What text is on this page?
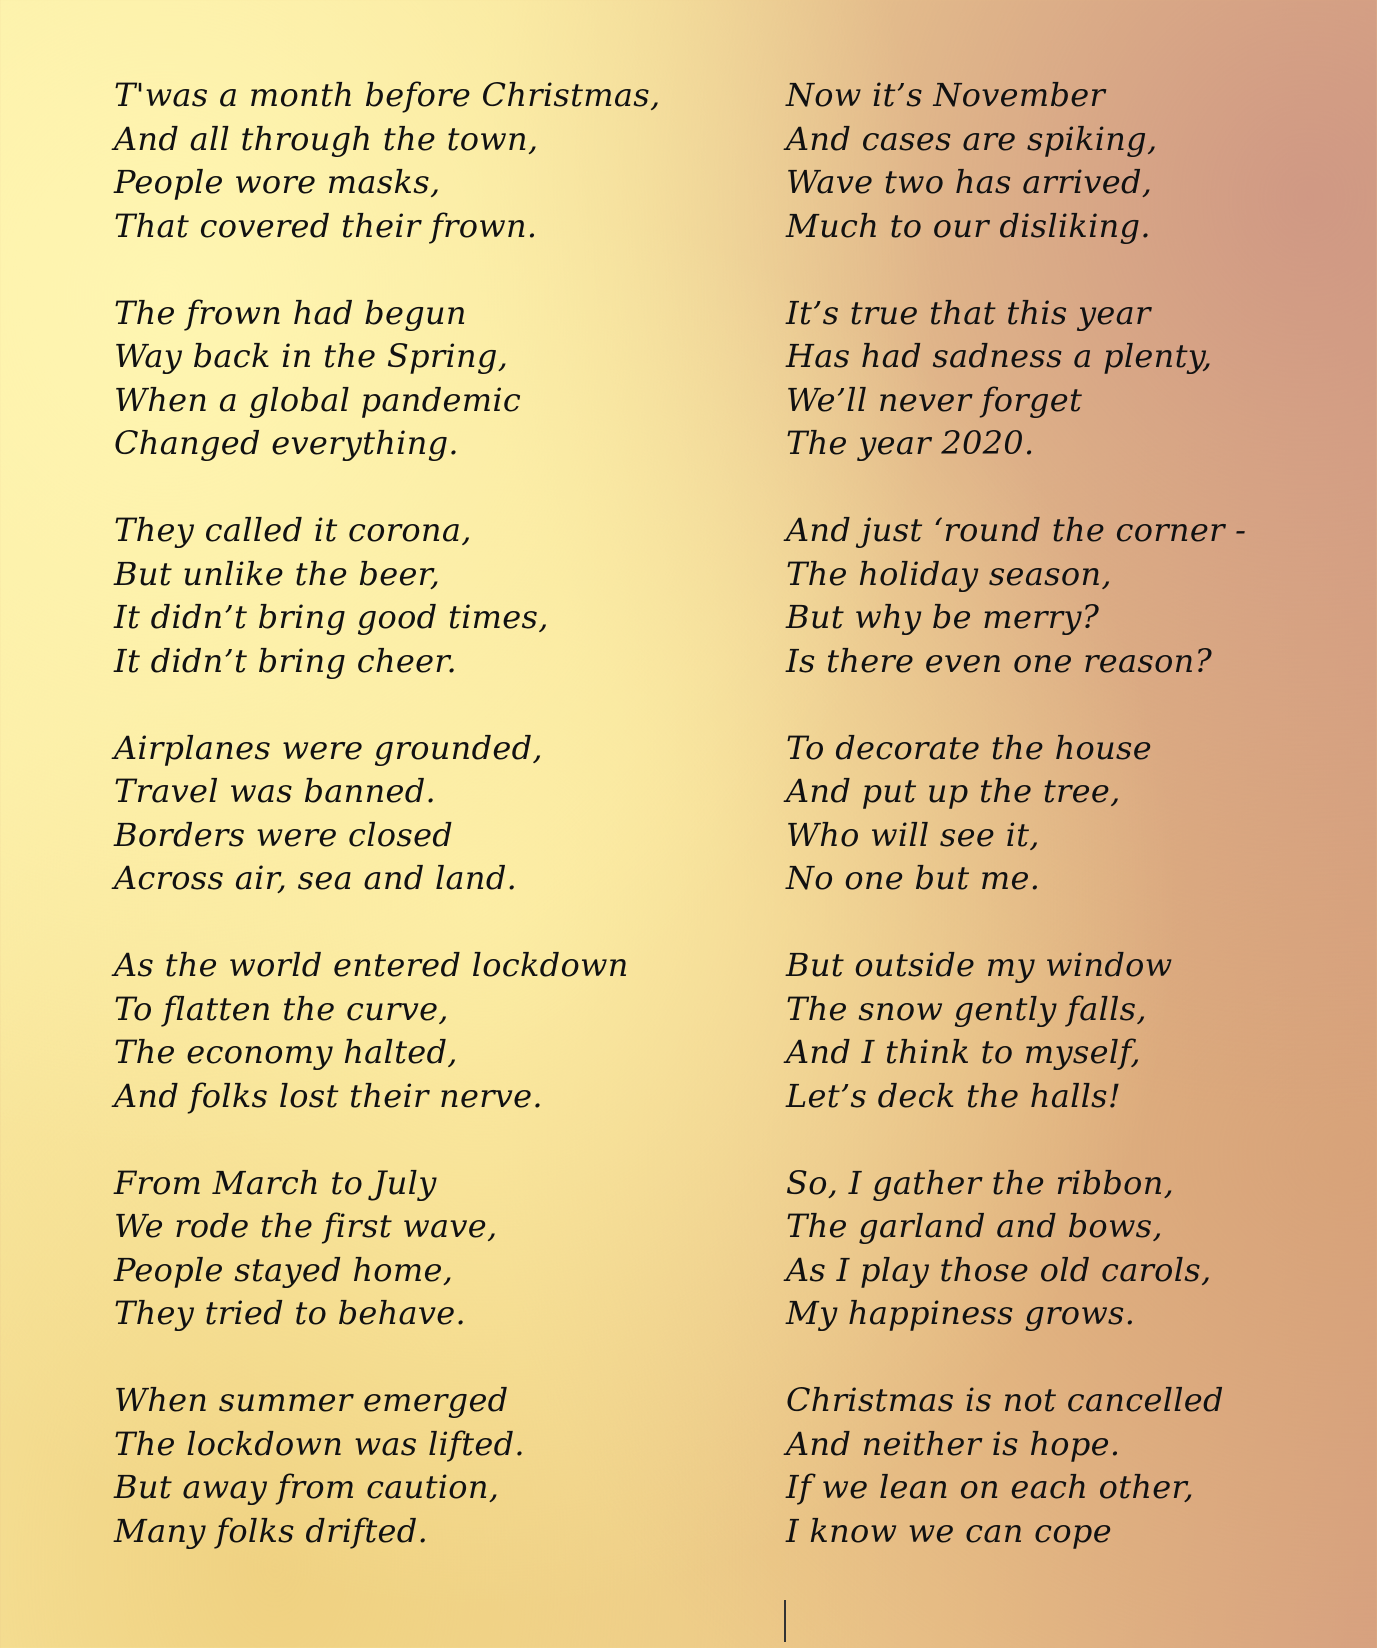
T'was a month before Christmas,
And all through the town,
People wore masks,
That covered their frown.
The frown had begun
Way back in the Spring,
When a global pandemic
Changed everything.
They called it corona,
But unlike the beer,
It didn’t bring good times,
It didn’t bring cheer.
Airplanes were grounded,
Travel was banned.
Borders were closed
Across air, sea and land.
As the world entered lockdown
To flatten the curve,
The economy halted,
And folks lost their nerve.
From March to July
We rode the first wave,
People stayed home,
They tried to behave.
When summer emerged
The lockdown was lifted.
But away from caution,
Many folks drifted.
Now it’s November
And cases are spiking,
Wave two has arrived,
Much to our disliking.
It’s true that this year
Has had sadness a plenty,
We’ll never forget
The year 2020.
And just ‘round the corner -
The holiday season,
But why be merry?
Is there even one reason?
To decorate the house
And put up the tree,
Who will see it,
No one but me.
But outside my window
The snow gently falls,
And I think to myself,
Let’s deck the halls!
So, I gather the ribbon,
The garland and bows,
As I play those old carols,
My happiness grows.
Christmas is not cancelled
And neither is hope.
If we lean on each other,
I know we can cope
